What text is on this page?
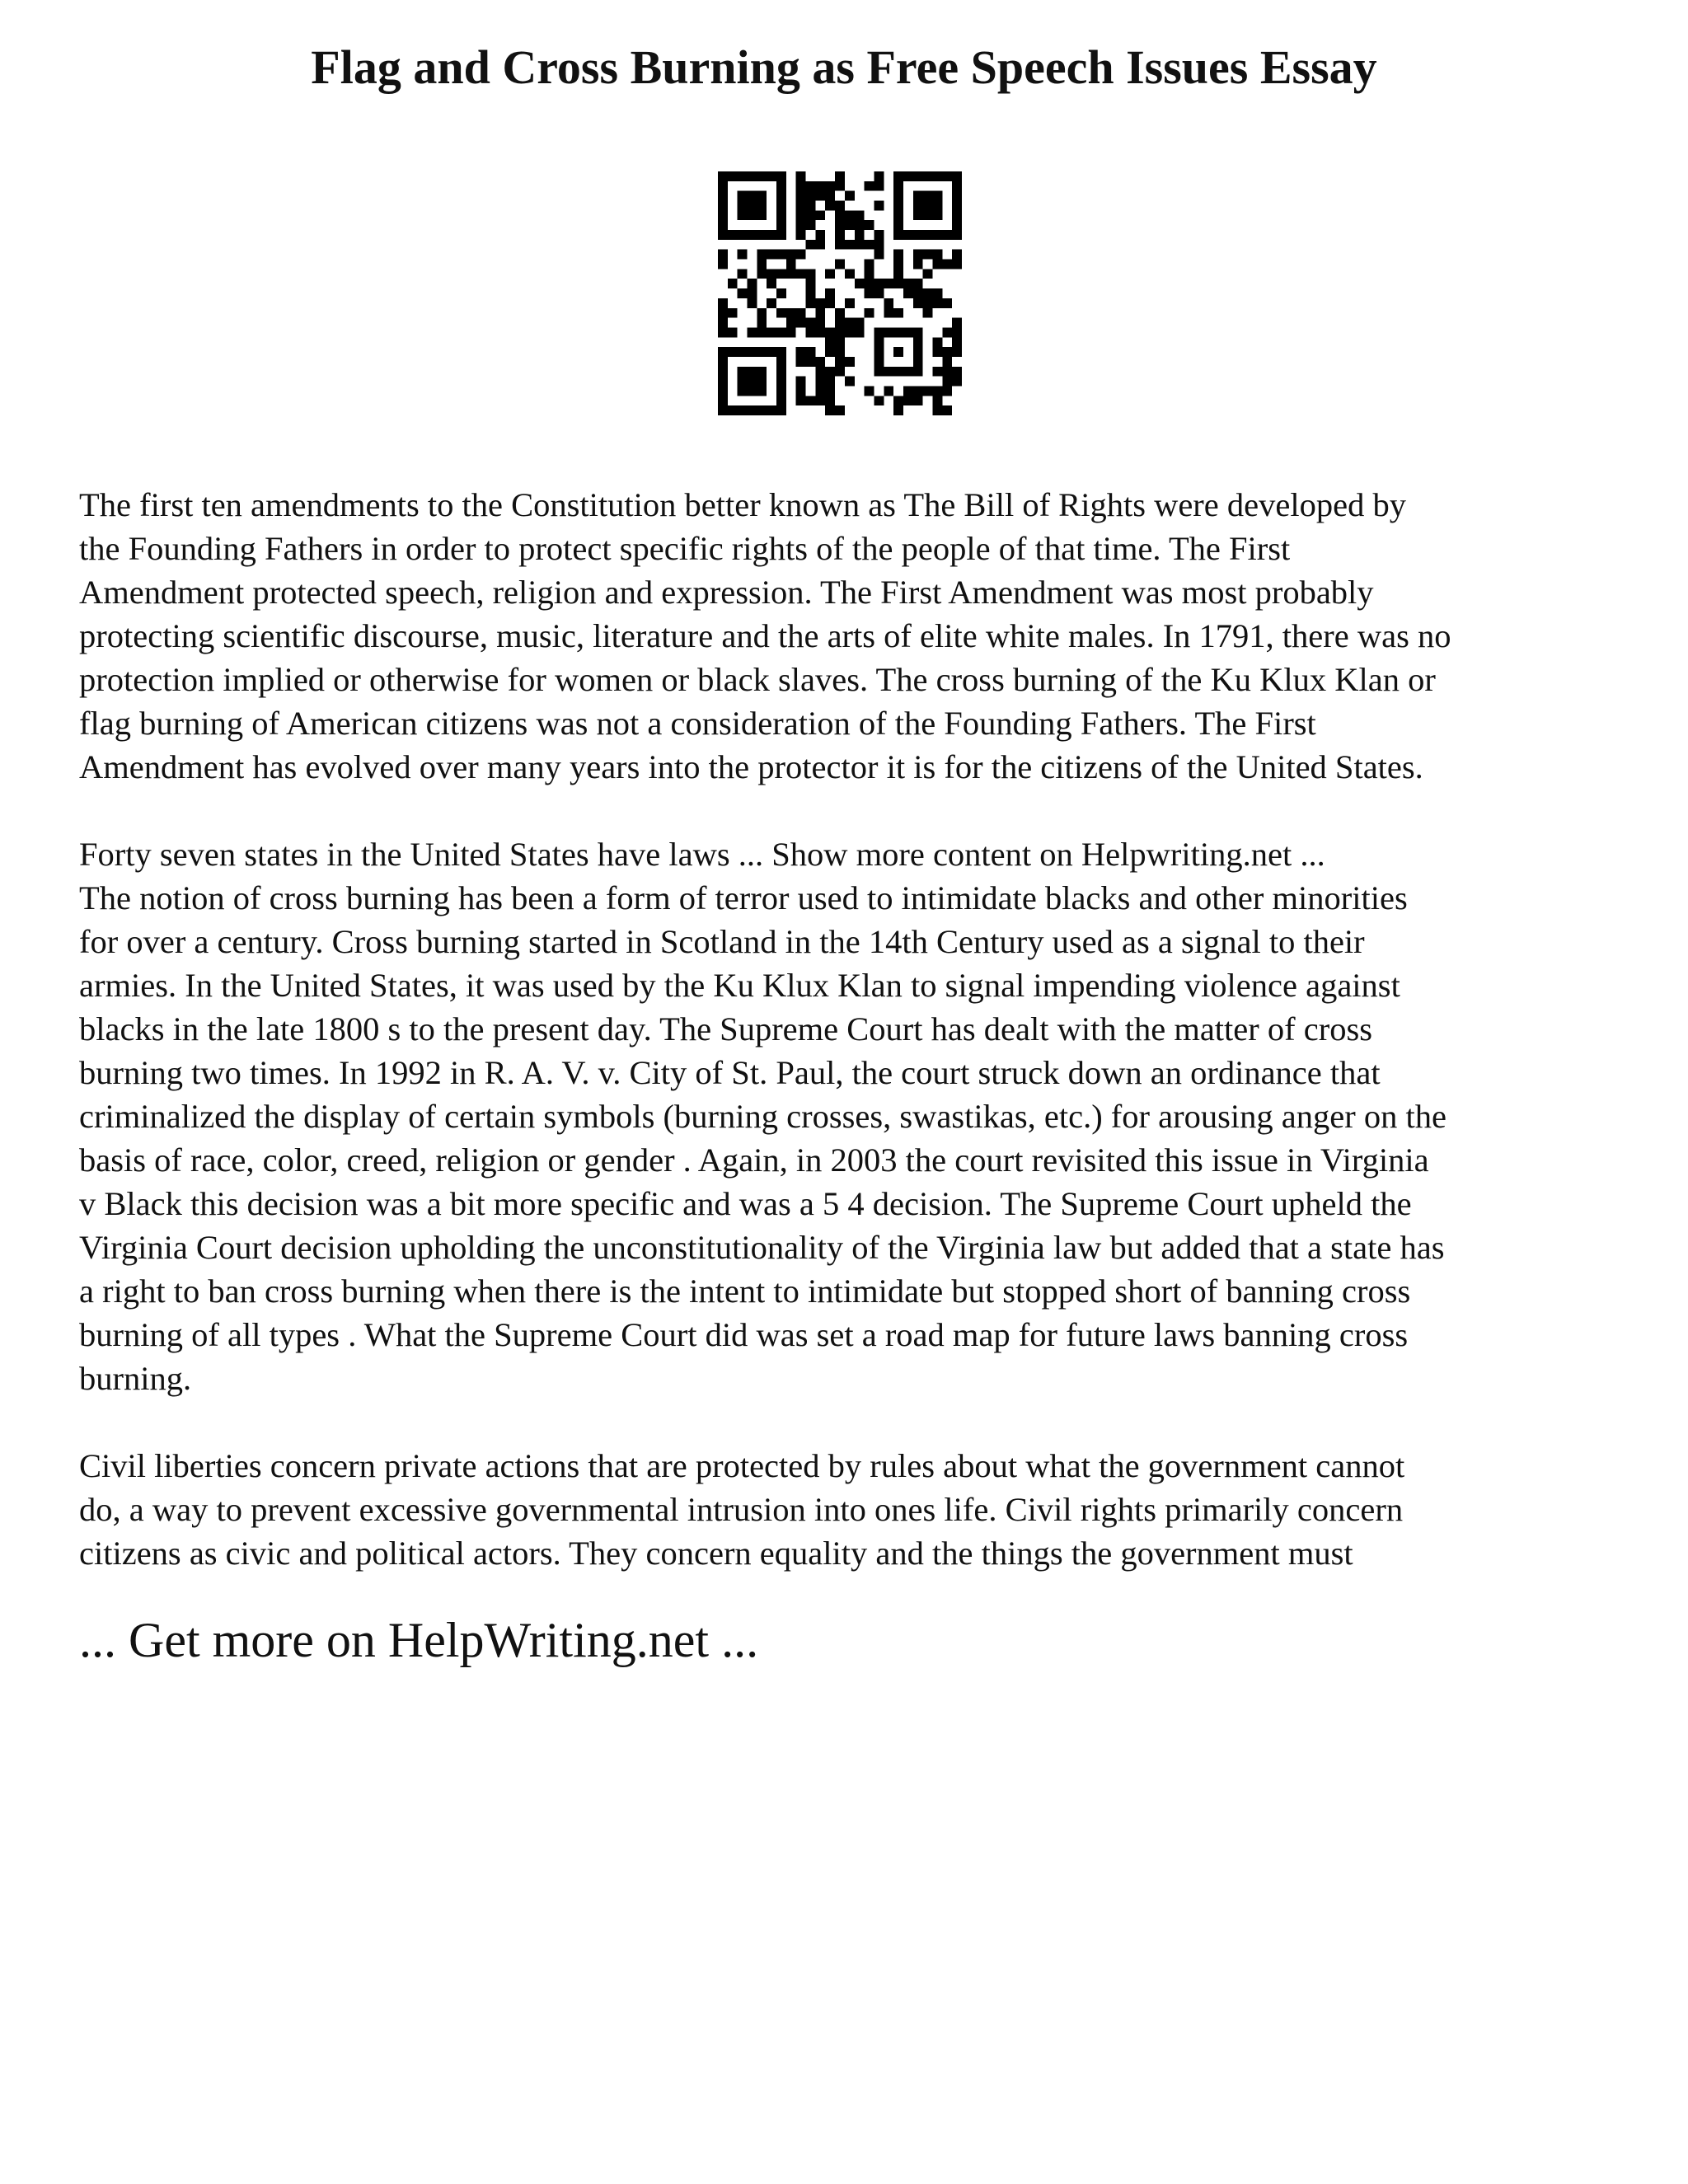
Flag and Cross Burning as Free Speech Issues Essay

The first ten amendments to the Constitution better known as The Bill of Rights were developed by
the Founding Fathers in order to protect specific rights of the people of that time. The First
Amendment protected speech, religion and expression. The First Amendment was most probably
protecting scientific discourse, music, literature and the arts of elite white males. In 1791, there was no
protection implied or otherwise for women or black slaves. The cross burning of the Ku Klux Klan or
flag burning of American citizens was not a consideration of the Founding Fathers. The First
Amendment has evolved over many years into the protector it is for the citizens of the United States.

Forty seven states in the United States have laws ... Show more content on Helpwriting.net ...
The notion of cross burning has been a form of terror used to intimidate blacks and other minorities
for over a century. Cross burning started in Scotland in the 14th Century used as a signal to their
armies. In the United States, it was used by the Ku Klux Klan to signal impending violence against
blacks in the late 1800 s to the present day. The Supreme Court has dealt with the matter of cross
burning two times. In 1992 in R. A. V. v. City of St. Paul, the court struck down an ordinance that
criminalized the display of certain symbols (burning crosses, swastikas, etc.) for arousing anger on the
basis of race, color, creed, religion or gender . Again, in 2003 the court revisited this issue in Virginia
v Black this decision was a bit more specific and was a 5 4 decision. The Supreme Court upheld the
Virginia Court decision upholding the unconstitutionality of the Virginia law but added that a state has
a right to ban cross burning when there is the intent to intimidate but stopped short of banning cross
burning of all types . What the Supreme Court did was set a road map for future laws banning cross
burning.

Civil liberties concern private actions that are protected by rules about what the government cannot
do, a way to prevent excessive governmental intrusion into ones life. Civil rights primarily concern
citizens as civic and political actors. They concern equality and the things the government must

... Get more on HelpWriting.net ...
